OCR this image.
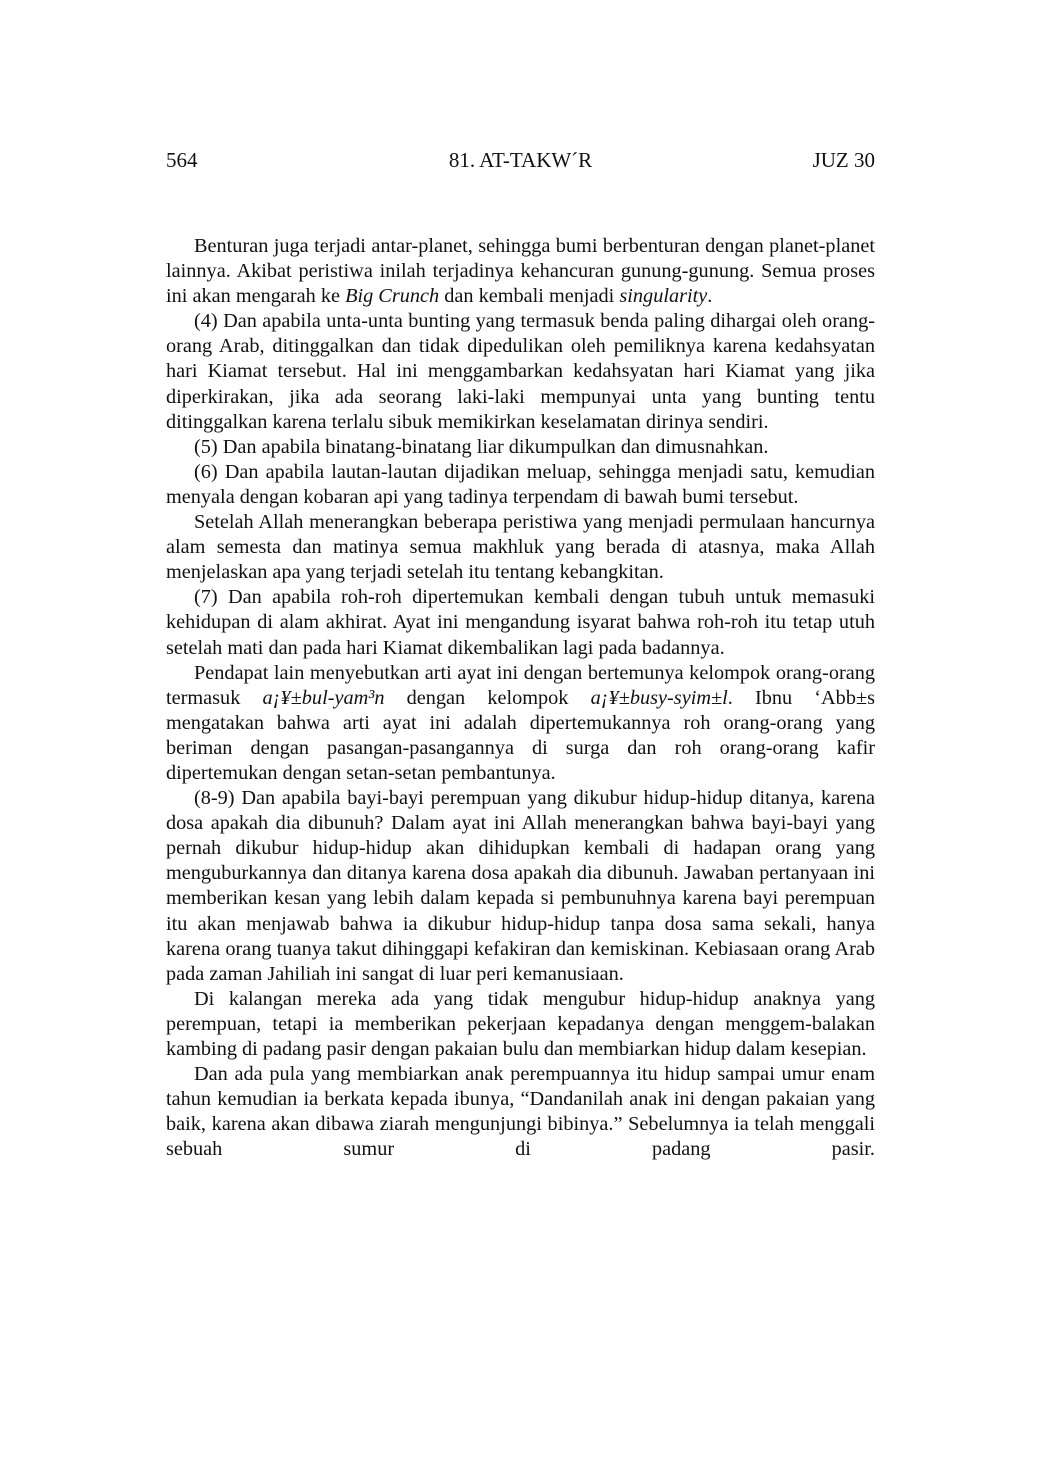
564	81. AT-TAKW´R	JUZ 30

Benturan juga terjadi antar-planet, sehingga bumi berbenturan dengan planet-planet lainnya. Akibat peristiwa inilah terjadinya kehancuran gunung-gunung. Semua proses ini akan mengarah ke Big Crunch dan kembali menjadi singularity.

(4) Dan apabila unta-unta bunting yang termasuk benda paling dihargai oleh orang-orang Arab, ditinggalkan dan tidak dipedulikan oleh pemiliknya karena kedahsyatan hari Kiamat tersebut. Hal ini menggambarkan kedahsyatan hari Kiamat yang jika diperkirakan, jika ada seorang laki-laki mempunyai unta yang bunting tentu ditinggalkan karena terlalu sibuk memikirkan keselamatan dirinya sendiri.

(5) Dan apabila binatang-binatang liar dikumpulkan dan dimusnahkan.

(6) Dan apabila lautan-lautan dijadikan meluap, sehingga menjadi satu, kemudian menyala dengan kobaran api yang tadinya terpendam di bawah bumi tersebut.

Setelah Allah menerangkan beberapa peristiwa yang menjadi permulaan hancurnya alam semesta dan matinya semua makhluk yang berada di atasnya, maka Allah menjelaskan apa yang terjadi setelah itu tentang kebangkitan.

(7) Dan apabila roh-roh dipertemukan kembali dengan tubuh untuk memasuki kehidupan di alam akhirat. Ayat ini mengandung isyarat bahwa roh-roh itu tetap utuh setelah mati dan pada hari Kiamat dikembalikan lagi pada badannya.

Pendapat lain menyebutkan arti ayat ini dengan bertemunya kelompok orang-orang termasuk a¡¥±bul-yam³n dengan kelompok a¡¥±busy-syim±l. Ibnu ‘Abb±s mengatakan bahwa arti ayat ini adalah dipertemukannya roh orang-orang yang beriman dengan pasangan-pasangannya di surga dan roh orang-orang kafir dipertemukan dengan setan-setan pembantunya.

(8-9) Dan apabila bayi-bayi perempuan yang dikubur hidup-hidup ditanya, karena dosa apakah dia dibunuh? Dalam ayat ini Allah menerangkan bahwa bayi-bayi yang pernah dikubur hidup-hidup akan dihidupkan kembali di hadapan orang yang menguburkannya dan ditanya karena dosa apakah dia dibunuh. Jawaban pertanyaan ini memberikan kesan yang lebih dalam kepada si pembunuhnya karena bayi perempuan itu akan menjawab bahwa ia dikubur hidup-hidup tanpa dosa sama sekali, hanya karena orang tuanya takut dihinggapi kefakiran dan kemiskinan. Kebiasaan orang Arab pada zaman Jahiliah ini sangat di luar peri kemanusiaan.

Di kalangan mereka ada yang tidak mengubur hidup-hidup anaknya yang perempuan, tetapi ia memberikan pekerjaan kepadanya dengan menggem-balakan kambing di padang pasir dengan pakaian bulu dan membiarkan hidup dalam kesepian.

Dan ada pula yang membiarkan anak perempuannya itu hidup sampai umur enam tahun kemudian ia berkata kepada ibunya, “Dandanilah anak ini dengan pakaian yang baik, karena akan dibawa ziarah mengunjungi bibinya.” Sebelumnya ia telah menggali sebuah sumur di padang pasir.
